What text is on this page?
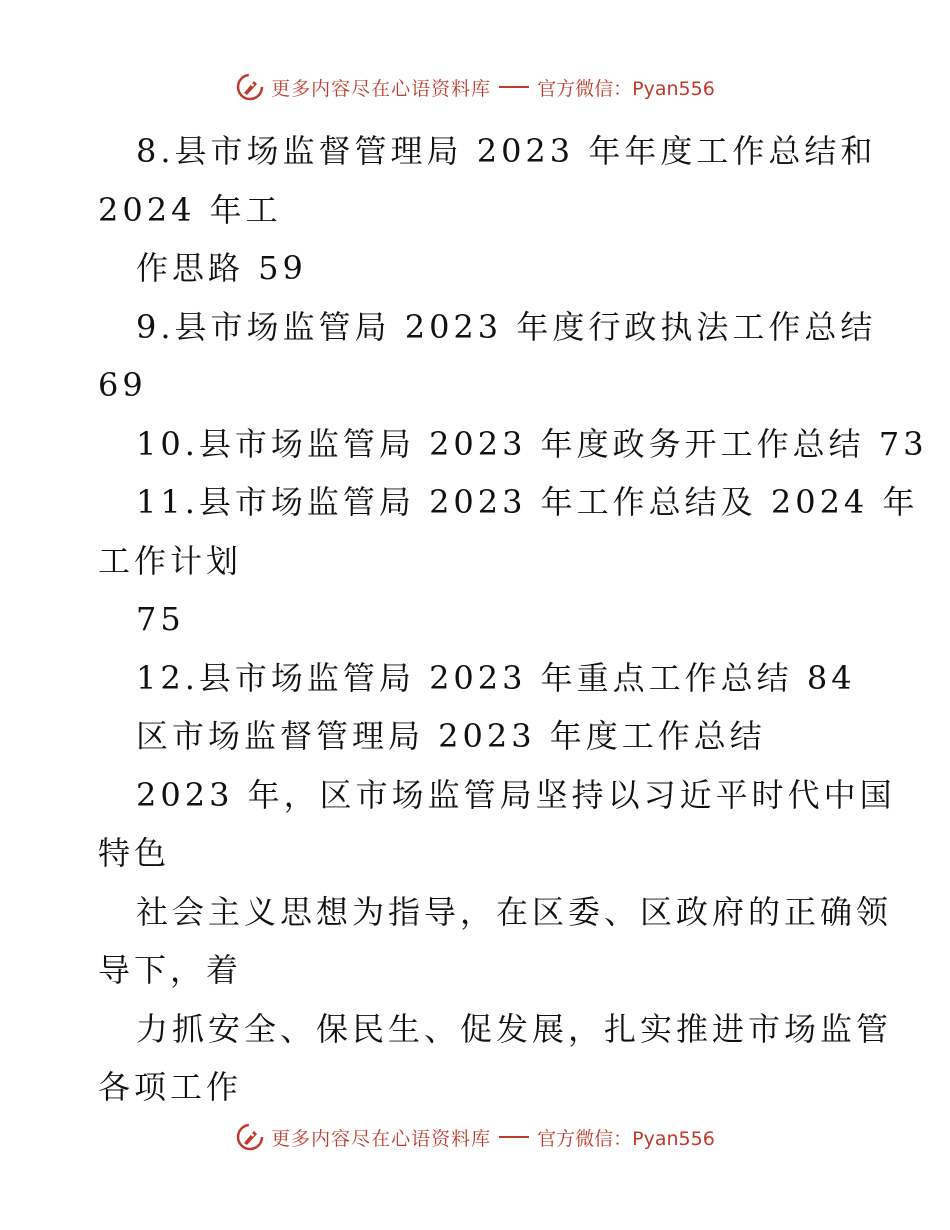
更多内容尽在心语资料库 官方微信：Pyan556
8.县市场监督管理局 2023 年年度工作总结和
2024 年工
作思路 59
9.县市场监管局 2023 年度行政执法工作总结
69
10.县市场监管局 2023 年度政务开工作总结 73
11.县市场监管局 2023 年工作总结及 2024 年
工作计划
75
12.县市场监管局 2023 年重点工作总结 84
区市场监督管理局 2023 年度工作总结
2023 年，区市场监管局坚持以习近平时代中国
特色
社会主义思想为指导，在区委、区政府的正确领
导下，着
力抓安全、保民生、促发展，扎实推进市场监管
各项工作
更多内容尽在心语资料库 官方微信：Pyan556
